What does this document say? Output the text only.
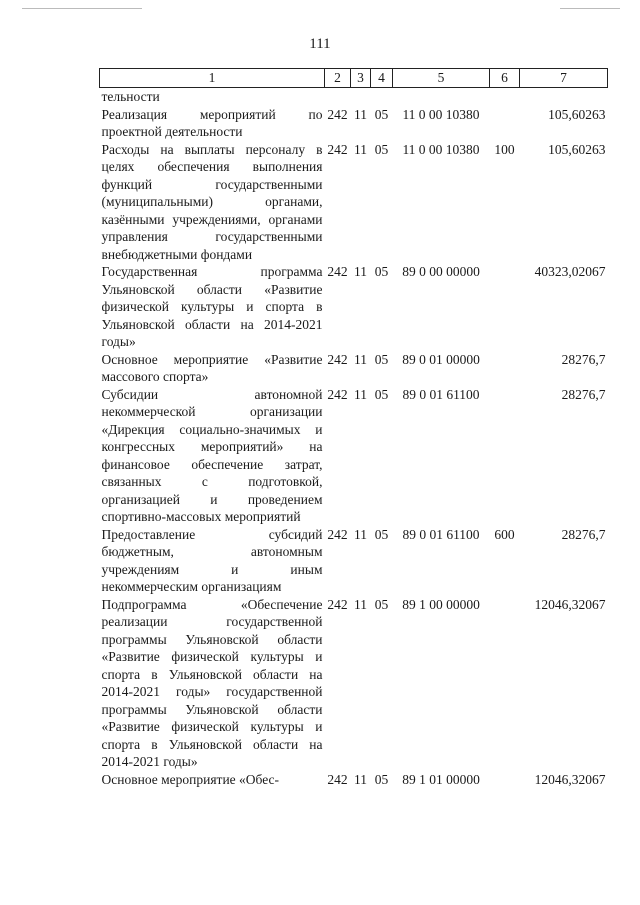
111
1	2	3	4	5	6	7
тельности						
Реализация мероприятий по проектной деятельности	242	11	05	11 0 00 10380		105,60263
Расходы на выплаты персоналу в целях обеспечения выполнения функций государственными (муниципальными) органами, казёнными учреждениями, органами управления государственными внебюджетными фондами	242	11	05	11 0 00 10380	100	105,60263
Государственная программа Ульяновской области «Развитие физической культуры и спорта в Ульяновской области на 2014-2021 годы»	242	11	05	89 0 00 00000		40323,02067
Основное мероприятие «Развитие массового спорта»	242	11	05	89 0 01 00000		28276,7
Субсидии автономной некоммерческой организации «Дирекция социально-значимых и конгрессных мероприятий» на финансовое обеспечение затрат, связанных с подготовкой, организацией и проведением спортивно-массовых мероприятий	242	11	05	89 0 01 61100		28276,7
Предоставление субсидий бюджетным, автономным учреждениям и иным некоммерческим организациям	242	11	05	89 0 01 61100	600	28276,7
Подпрограмма «Обеспечение реализации государственной программы Ульяновской области «Развитие физической культуры и спорта в Ульяновской области на 2014-2021 годы» государственной программы Ульяновской области «Развитие физической культуры и спорта в Ульяновской области на 2014-2021 годы»	242	11	05	89 1 00 00000		12046,32067
Основное мероприятие «Обес-	242	11	05	89 1 01 00000		12046,32067
